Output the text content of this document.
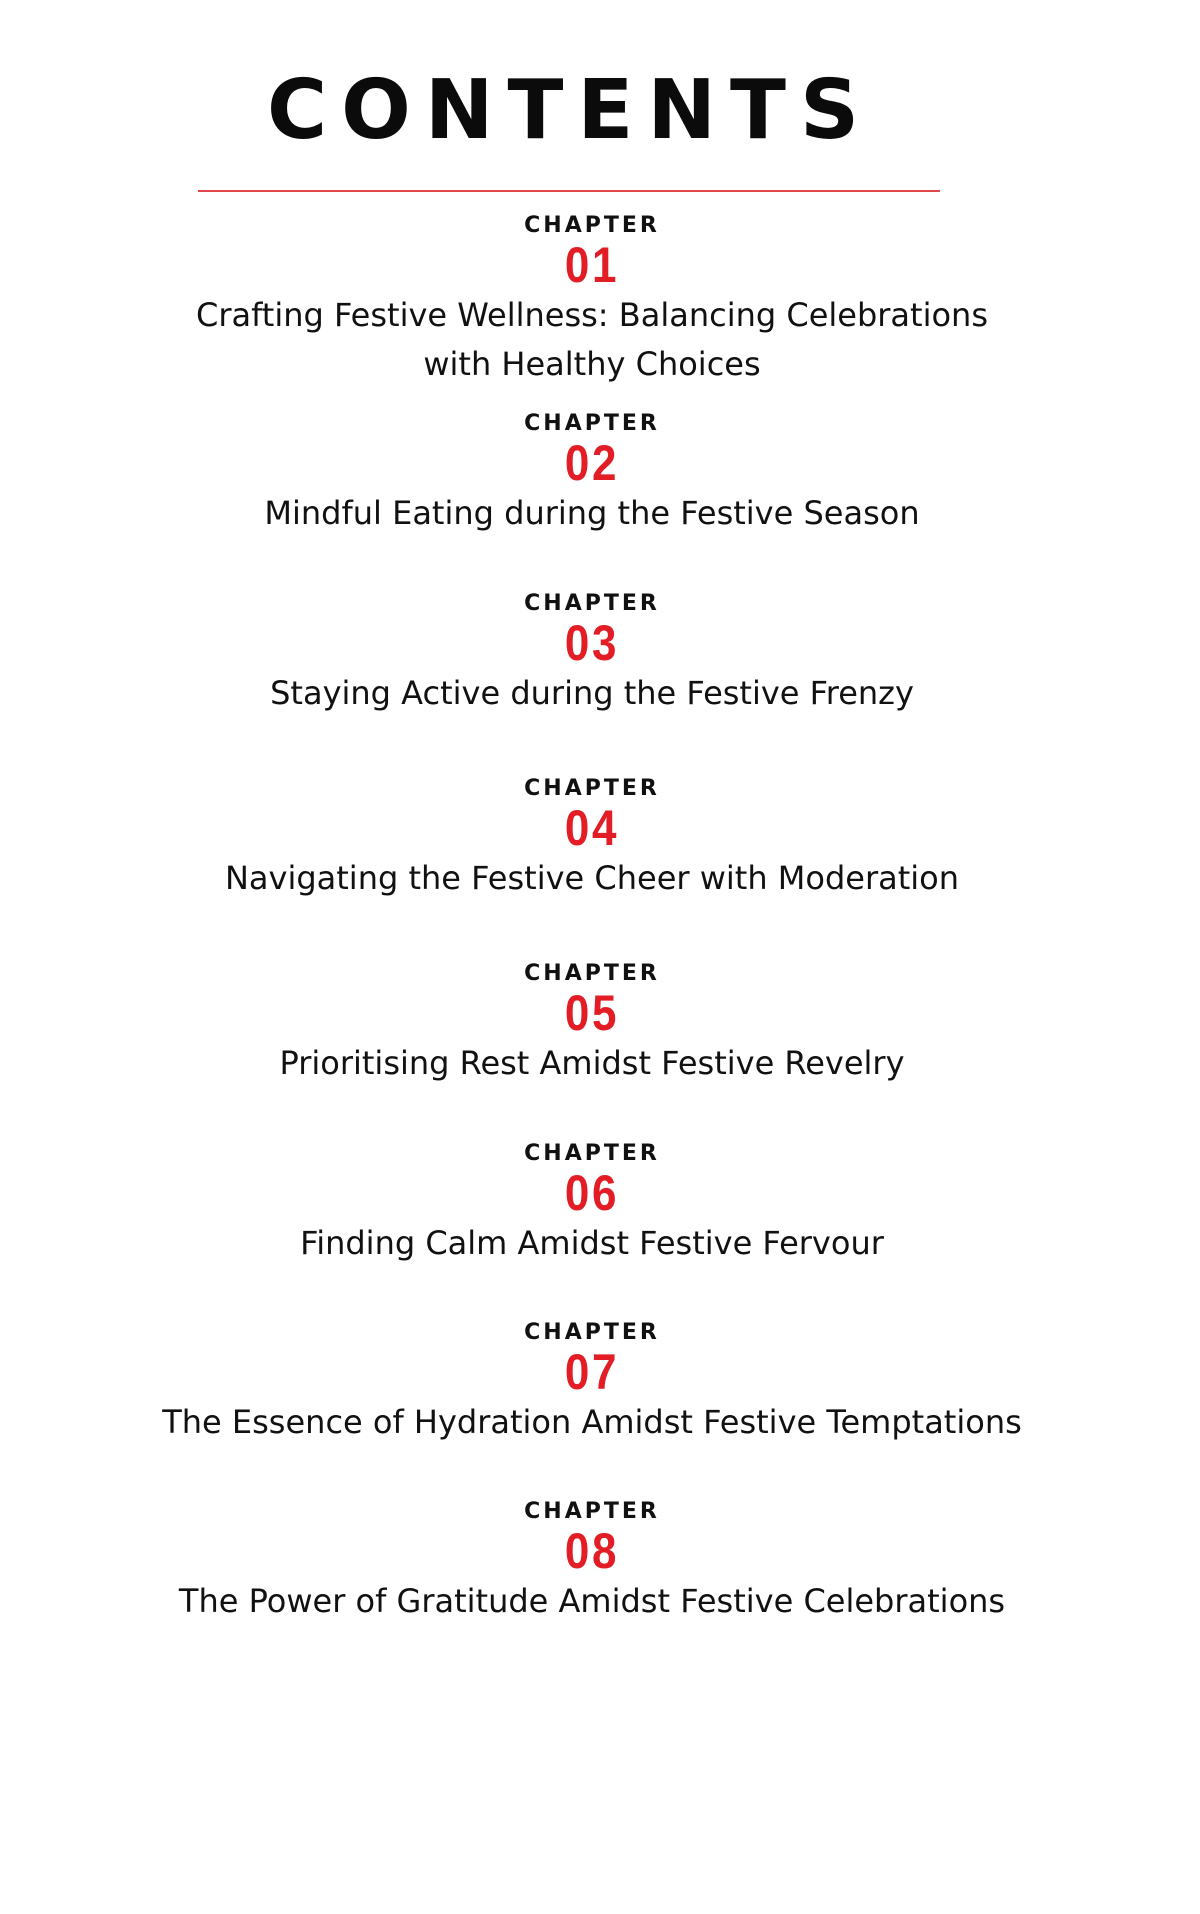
CONTENTS
CHAPTER
01
Crafting Festive Wellness: Balancing Celebrations
with Healthy Choices
CHAPTER
02
Mindful Eating during the Festive Season
CHAPTER
03
Staying Active during the Festive Frenzy
CHAPTER
04
Navigating the Festive Cheer with Moderation
CHAPTER
05
Prioritising Rest Amidst Festive Revelry
CHAPTER
06
Finding Calm Amidst Festive Fervour
CHAPTER
07
The Essence of Hydration Amidst Festive Temptations
CHAPTER
08
The Power of Gratitude Amidst Festive Celebrations
